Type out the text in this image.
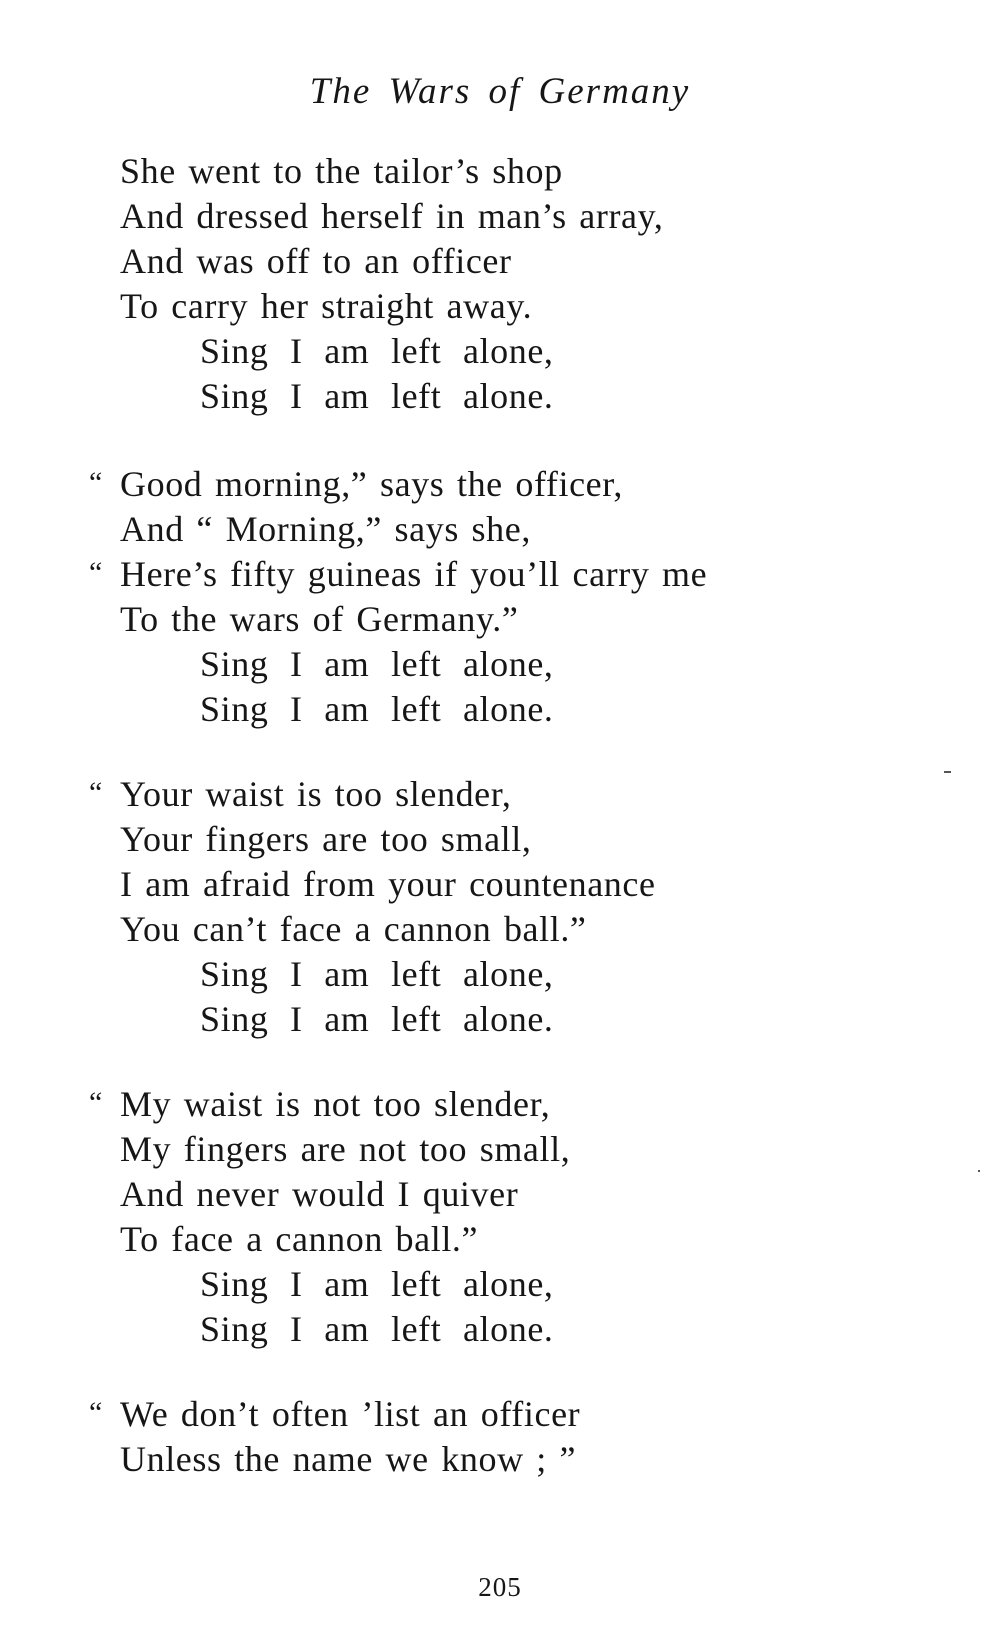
The Wars of Germany
She went to the tailor’s shop
And dressed herself in man’s array,
And was off to an officer
To carry her straight away.
Sing I am left alone,
Sing I am left alone.
“ Good morning,” says the officer,
And “ Morning,” says she,
“ Here’s fifty guineas if you’ll carry me
To the wars of Germany.”
Sing I am left alone,
Sing I am left alone.
“ Your waist is too slender,
Your fingers are too small,
I am afraid from your countenance
You can’t face a cannon ball.”
Sing I am left alone,
Sing I am left alone.
“ My waist is not too slender,
My fingers are not too small,
And never would I quiver
To face a cannon ball.”
Sing I am left alone,
Sing I am left alone.
“ We don’t often ’list an officer
Unless the name we know ; ”
205
